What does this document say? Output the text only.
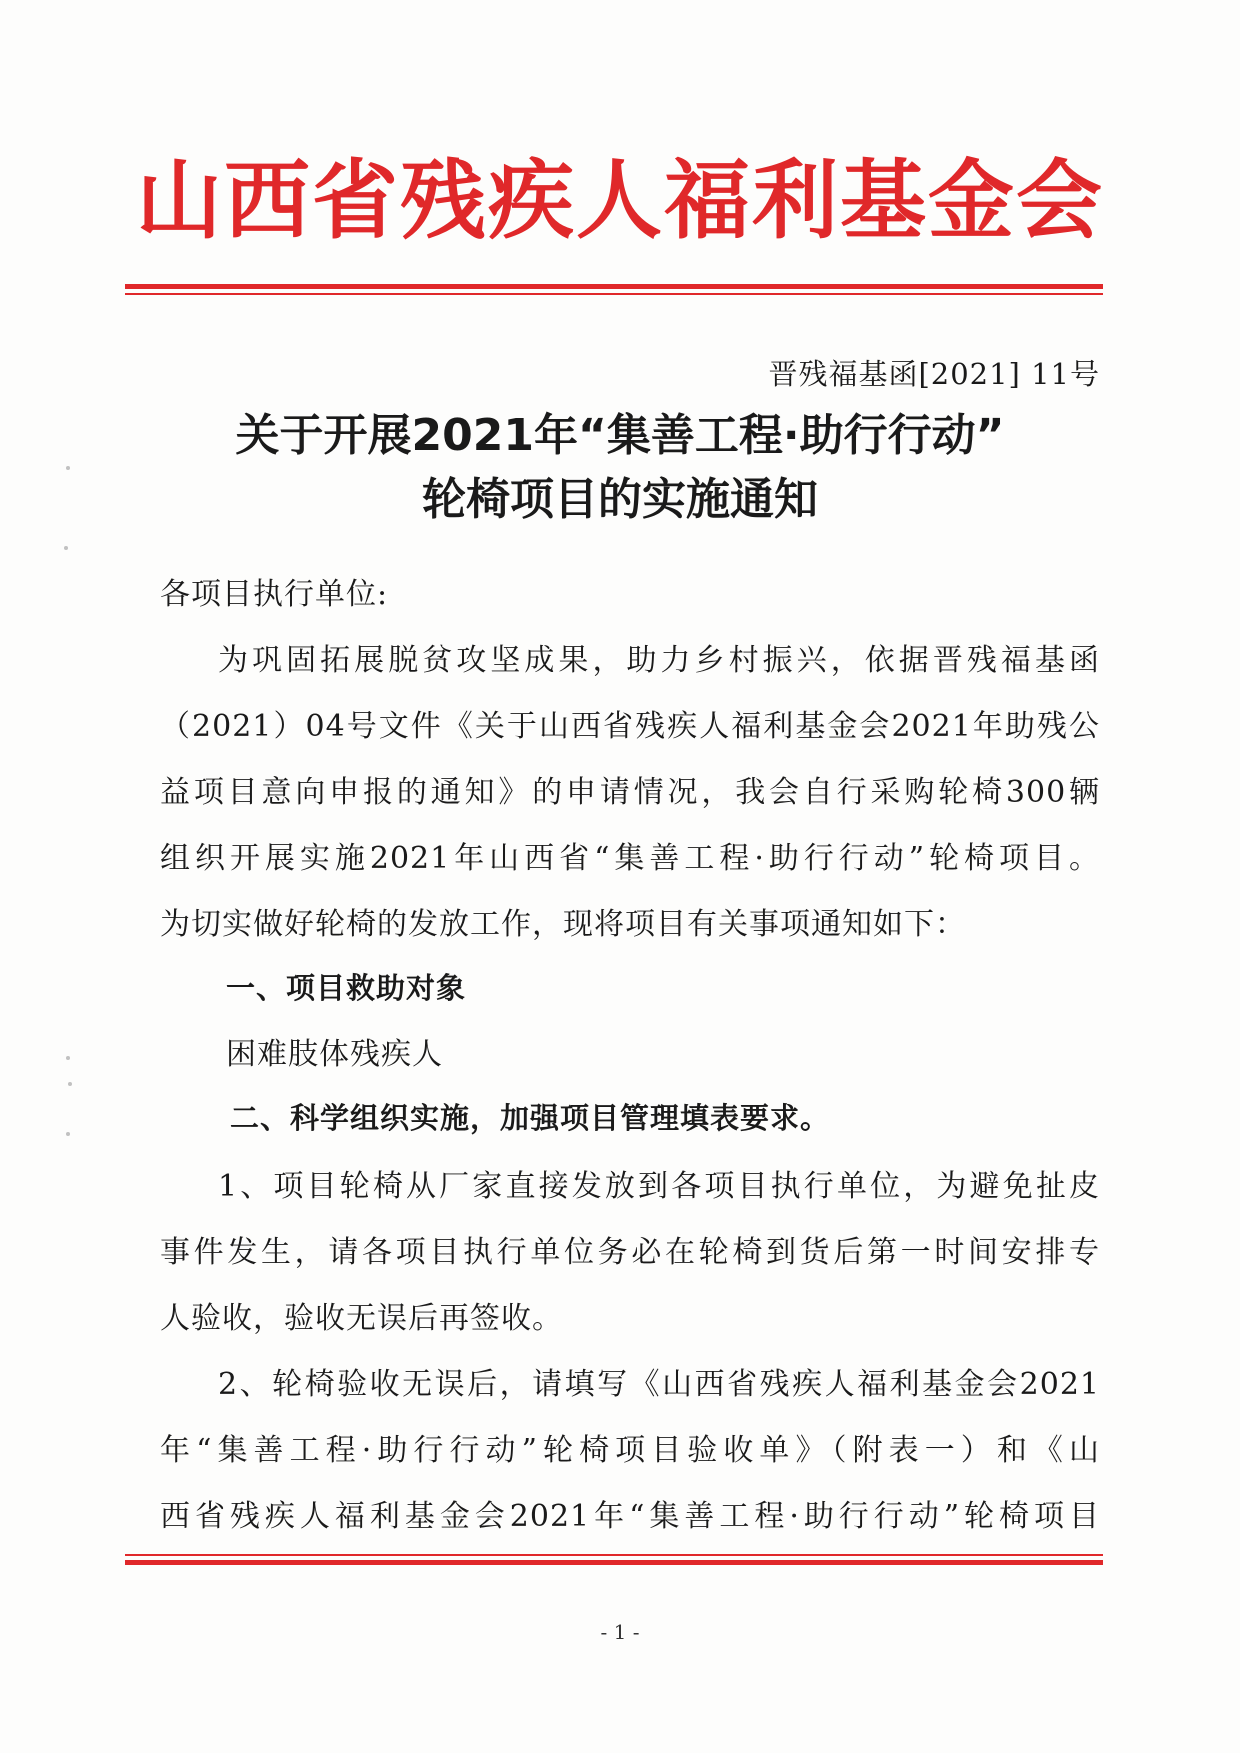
山西省残疾人福利基金会
晋残福基函[2021] 11号
关于开展2021年“集善工程·助行行动”
轮椅项目的实施通知
各项目执行单位:
为巩固拓展脱贫攻坚成果，助力乡村振兴，依据晋残福基函
（2021）04号文件《关于山西省残疾人福利基金会2021年助残公
益项目意向申报的通知》的申请情况，我会自行采购轮椅300辆
组织开展实施2021年山西省“集善工程·助行行动”轮椅项目。
为切实做好轮椅的发放工作，现将项目有关事项通知如下：
一、项目救助对象
困难肢体残疾人
二、科学组织实施，加强项目管理填表要求。
1、项目轮椅从厂家直接发放到各项目执行单位，为避免扯皮
事件发生，请各项目执行单位务必在轮椅到货后第一时间安排专
人验收，验收无误后再签收。
2、轮椅验收无误后，请填写《山西省残疾人福利基金会2021
年“集善工程·助行行动”轮椅项目验收单》（附表一）和《山
西省残疾人福利基金会2021年“集善工程·助行行动”轮椅项目
- 1 -
